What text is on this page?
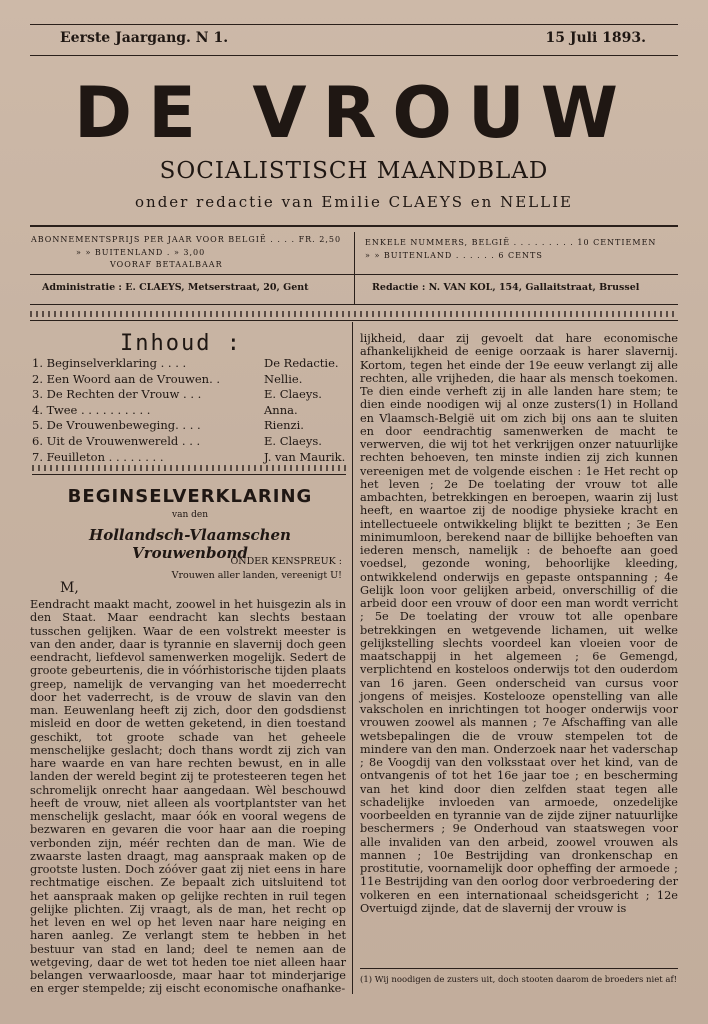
Eerste Jaargang. N 1.	15 Juli 1893.
DE VROUW
SOCIALISTISCH MAANDBLAD
onder redactie van Emilie CLAEYS en NELLIE
ABONNEMENTSPRIJS PER JAAR VOOR BELGIË . . . . FR. 2,50
» » BUITENLAND . » 3,00
VOORAF BETAALBAAR
ENKELE NUMMERS, BELGIË . . . . . . . . . 10 CENTIEMEN
» » BUITENLAND . . . . . . 6 CENTS
Administratie : E. CLAEYS, Metserstraat, 20, Gent	Redactie : N. VAN KOL, 154, Gallaitstraat, Brussel
Inhoud :
1. Beginselverklaring . . . .	De Redactie.
2. Een Woord aan de Vrouwen. .	Nellie.
3. De Rechten der Vrouw . . .	E. Claeys.
4. Twee . . . . . . . . . .	Anna.
5. De Vrouwenbeweging. . . .	Rienzi.
6. Uit de Vrouwenwereld . . .	E. Claeys.
7. Feuilleton . . . . . . . .	J. van Maurik.
BEGINSELVERKLARING
van den
Hollandsch-Vlaamschen Vrouwenbond
ONDER KENSPREUK :
Vrouwen aller landen, vereenigt U!
M,

Eendracht maakt macht, zoowel in het huisgezin als in den Staat. Maar eendracht kan slechts bestaan tusschen gelijken. Waar de een volstrekt meester is van den ander, daar is tyrannie en slavernij doch geen eendracht, liefdevol samenwerken mogelijk. Sedert de groote gebeurtenis, die in vóórhistorische tijden plaats greep, namelijk de vervanging van het moederrecht door het vaderrecht, is de vrouw de slavin van den man. Eeuwenlang heeft zij zich, door den godsdienst misleid en door de wetten geketend, in dien toestand geschikt, tot groote schade van het geheele menschelijke geslacht; doch thans wordt zij zich van hare waarde en van hare rechten bewust, en in alle landen der wereld begint zij te protesteeren tegen het schromelijk onrecht haar aangedaan. Wèl beschouwd heeft de vrouw, niet alleen als voortplantster van het menschelijk geslacht, maar óók en vooral wegens de bezwaren en gevaren die voor haar aan die roeping verbonden zijn, méér rechten dan de man. Wie de zwaarste lasten draagt, mag aanspraak maken op de grootste lusten. Doch zóóver gaat zij niet eens in hare rechtmatige eischen. Ze bepaalt zich uitsluitend tot het aanspraak maken op gelijke rechten in ruil tegen gelijke plichten. Zij vraagt, als de man, het recht op het leven en wel op het leven naar hare neiging en haren aanleg. Ze verlangt stem te hebben in het bestuur van stad en land; deel te nemen aan de wetgeving, daar de wet tot heden toe niet alleen haar belangen verwaarloosde, maar haar tot minderjarige en erger stempelde; zij eischt economische onafhanke-

lijkheid, daar zij gevoelt dat hare economische afhankelijkheid de eenige oorzaak is harer slavernij. Kortom, tegen het einde der 19e eeuw verlangt zij alle rechten, alle vrijheden, die haar als mensch toekomen. Te dien einde verheft zij in alle landen hare stem; te dien einde noodigen wij al onze zusters(1) in Holland en Vlaamsch-België uit om zich bij ons aan te sluiten en door eendrachtig samenwerken de macht te verwerven, die wij tot het verkrijgen onzer natuurlijke rechten behoeven, ten minste indien zij zich kunnen vereenigen met de volgende eischen : 1e Het recht op het leven ; 2e De toelating der vrouw tot alle ambachten, betrekkingen en beroepen, waarin zij lust heeft, en waartoe zij de noodige physieke kracht en intellectueele ontwikkeling blijkt te bezitten ; 3e Een minimumloon, berekend naar de billijke behoeften van iederen mensch, namelijk : de behoefte aan goed voedsel, gezonde woning, behoorlijke kleeding, ontwikkelend onderwijs en gepaste ontspanning ; 4e Gelijk loon voor gelijken arbeid, onverschillig of die arbeid door een vrouw of door een man wordt verricht ; 5e De toelating der vrouw tot alle openbare betrekkingen en wetgevende lichamen, uit welke gelijkstelling slechts voordeel kan vloeien voor de maatschappij in het algemeen ; 6e Gemengd, verplichtend en kosteloos onderwijs tot den ouderdom van 16 jaren. Geen onderscheid van cursus voor jongens of meisjes. Kostelooze openstelling van alle vakscholen en inrichtingen tot hooger onderwijs voor vrouwen zoowel als mannen ; 7e Afschaffing van alle wetsbepalingen die de vrouw stempelen tot de mindere van den man. Onderzoek naar het vaderschap ; 8e Voogdij van den volksstaat over het kind, van de ontvangenis of tot het 16e jaar toe ; en bescherming van het kind door dien zelfden staat tegen alle schadelijke invloeden van armoede, onzedelijke voorbeelden en tyrannie van de zijde zijner natuurlijke beschermers ; 9e Onderhoud van staatswegen voor alle invaliden van den arbeid, zoowel vrouwen als mannen ; 10e Bestrijding van dronkenschap en prostitutie, voornamelijk door opheffing der armoede ; 11e Bestrijding van den oorlog door verbroedering der volkeren en een internationaal scheidsgericht ; 12e Overtuigd zijnde, dat de slavernij der vrouw is

(1) Wij noodigen de zusters uit, doch stooten daarom de broeders niet af!
